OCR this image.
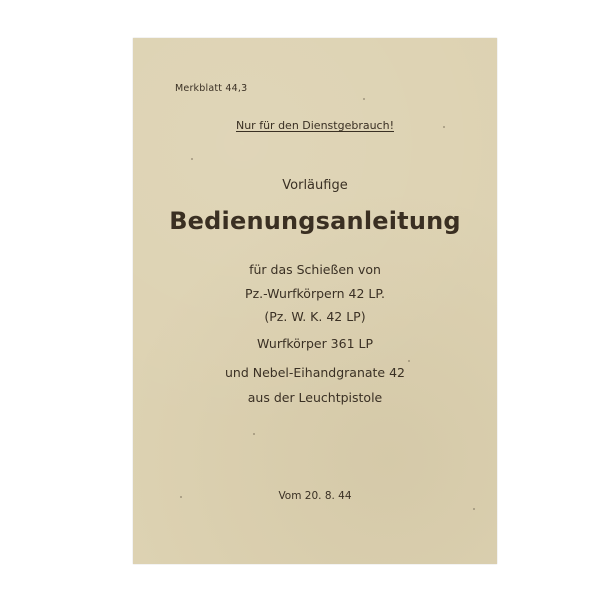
Merkblatt 44,3
Nur für den Dienstgebrauch!
Vorläufige
Bedienungsanleitung
für das Schießen von
Pz.-Wurfkörpern 42 LP.
(Pz. W. K. 42 LP)
Wurfkörper 361 LP
und Nebel-Eihandgranate 42
aus der Leuchtpistole
Vom 20. 8. 44
